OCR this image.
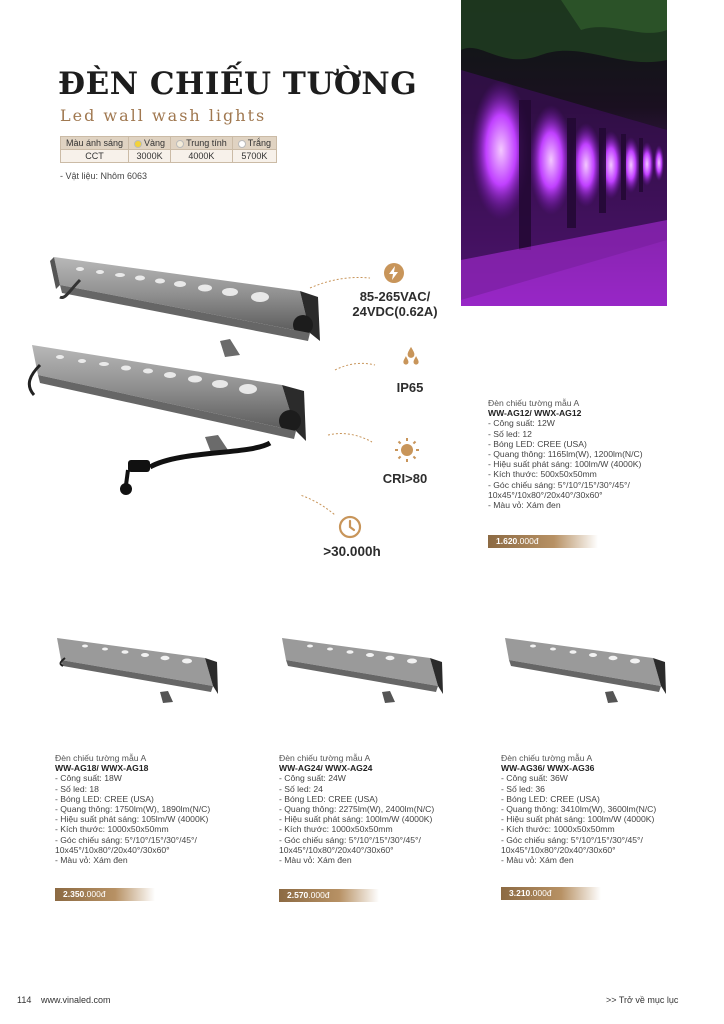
ĐÈN CHIẾU TƯỜNG
Led wall wash lights
Màu ánh sáng	Vàng	Trung tính	Trắng
CCT	3000K	4000K	5700K
- Vật liệu: Nhôm 6063
85-265VAC/
24VDC(0.62A)
IP65
CRI>80
>30.000h
Đèn chiếu tường mẫu A
WW-AG12/ WWX-AG12
- Công suất: 12W
- Số led: 12
- Bóng LED: CREE (USA)
- Quang thông: 1165lm(W), 1200lm(N/C)
- Hiệu suất phát sáng: 100lm/W (4000K)
- Kích thước: 500x50x50mm
- Góc chiếu sáng: 5°/10°/15°/30°/45°/
10x45°/10x80°/20x40°/30x60°
- Màu vỏ: Xám đen
1.620.000đ
Đèn chiếu tường mẫu A
WW-AG18/ WWX-AG18
- Công suất: 18W
- Số led: 18
- Bóng LED: CREE (USA)
- Quang thông: 1750lm(W), 1890lm(N/C)
- Hiệu suất phát sáng: 105lm/W (4000K)
- Kích thước: 1000x50x50mm
- Góc chiếu sáng: 5°/10°/15°/30°/45°/
10x45°/10x80°/20x40°/30x60°
- Màu vỏ: Xám đen
2.350.000đ
Đèn chiếu tường mẫu A
WW-AG24/ WWX-AG24
- Công suất: 24W
- Số led: 24
- Bóng LED: CREE (USA)
- Quang thông: 2275lm(W), 2400lm(N/C)
- Hiệu suất phát sáng: 100lm/W (4000K)
- Kích thước: 1000x50x50mm
- Góc chiếu sáng: 5°/10°/15°/30°/45°/
10x45°/10x80°/20x40°/30x60°
- Màu vỏ: Xám đen
2.570.000đ
Đèn chiếu tường mẫu A
WW-AG36/ WWX-AG36
- Công suất: 36W
- Số led: 36
- Bóng LED: CREE (USA)
- Quang thông: 3410lm(W), 3600lm(N/C)
- Hiệu suất phát sáng: 100lm/W (4000K)
- Kích thước: 1000x50x50mm
- Góc chiếu sáng: 5°/10°/15°/30°/45°/
10x45°/10x80°/20x40°/30x60°
- Màu vỏ: Xám đen
3.210.000đ
114 www.vinaled.com	>> Trở về mục lục
